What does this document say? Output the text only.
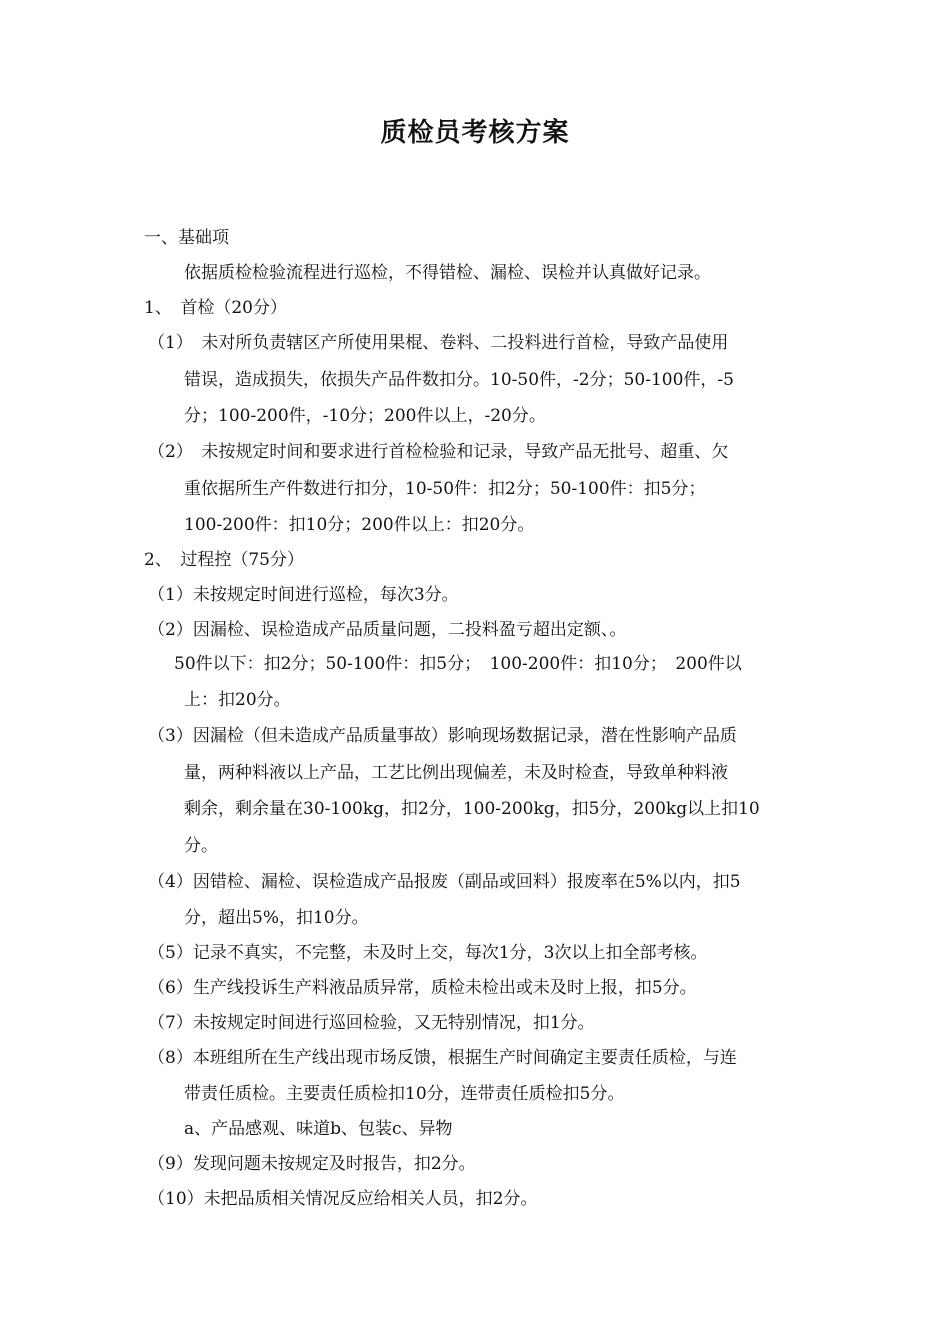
质检员考核方案
一、基础项
依据质检检验流程进行巡检，不得错检、漏检、误检并认真做好记录。
1、　首检（20分）
（1）　未对所负责辖区产所使用果棍、卷料、二投料进行首检，导致产品使用
错误，造成损失，依损失产品件数扣分。10-50件，-2分；50-100件，-5
分；100-200件，-10分；200件以上，-20分。
（2）　未按规定时间和要求进行首检检验和记录，导致产品无批号、超重、欠
重依据所生产件数进行扣分，10-50件：扣2分；50-100件：扣5分；
100-200件：扣10分；200件以上：扣20分。
2、　过程控（75分）
（1）未按规定时间进行巡检，每次3分。
（2）因漏检、误检造成产品质量问题，二投料盈亏超出定额、。
50件以下：扣2分；50-100件：扣5分；　100-200件：扣10分；　200件以
上：扣20分。
（3）因漏检（但未造成产品质量事故）影响现场数据记录，潜在性影响产品质
量，两种料液以上产品，工艺比例出现偏差，未及时检查，导致单种料液
剩余，剩余量在30-100kg，扣2分，100-200kg，扣5分，200kg以上扣10
分。
（4）因错检、漏检、误检造成产品报废（副品或回料）报废率在5%以内，扣5
分，超出5%，扣10分。
（5）记录不真实，不完整，未及时上交，每次1分，3次以上扣全部考核。
（6）生产线投诉生产料液品质异常，质检未检出或未及时上报，扣5分。
（7）未按规定时间进行巡回检验，又无特别情况，扣1分。
（8）本班组所在生产线出现市场反馈，根据生产时间确定主要责任质检，与连
带责任质检。主要责任质检扣10分，连带责任质检扣5分。
a、产品感观、味道b、包装c、异物
（9）发现问题未按规定及时报告，扣2分。
（10）未把品质相关情况反应给相关人员，扣2分。
